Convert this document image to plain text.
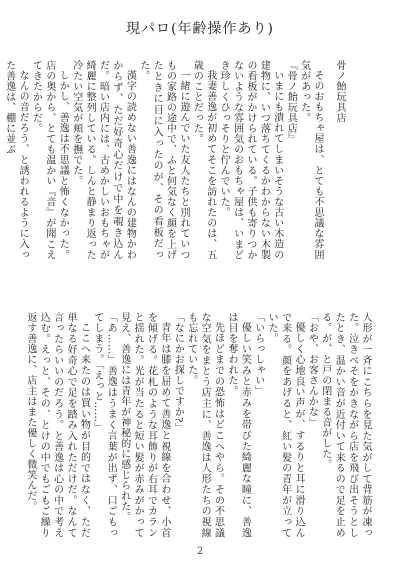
現パロ(年齢操作あり)
骨ノ飴玩具店

そのおもちゃ屋は、とても不思議な雰囲気があった。

『骨ノ飴玩具店』

いまにも潰れてしまいそうな古い木造の建物に、いつ落ちてくるかわからない木製の看板がかけられている。子供も寄りつかないような雰囲気のおもちゃ屋は、いまどき珍しくひっそりと佇んでいた。

我妻善逸が初めてそこを訪れたのは、五歳のことだった。

一緒に遊んでいた友人たちと別れていつもの家路の途中で、ふと何気なく顔を上げたときに目に入ったのが、その看板だった。

漢字の読めない善逸にはなんの建物かわからず、ただ好奇心だけで中を覗き込んだ。暗い店内には、古めかしいおもちゃが綺麗に整列している。しんと静まり返った冷たい空気が頬を撫でた。

しかし、善逸は不思議と怖くなかった。店の奥から、とても温かい『音』が聞こえてきたからだ。

なんの音だろう、と誘われるように入った善逸は、棚に並ぶ

人形が一斉にこちらを見た気がして背筋が凍った。泣きべそをかきながら店を飛び出そうとしたとき、温かい音が近付いて来るので足を止める。が、と戸の閉まる音がした。

「おや、お客さんかな」

優しく心地良い声が、するりと耳に滑り込んで来る。顔をあげると、紅い髪の青年が立っていた。

「いらっしゃい」

優しい笑みと赤みを帯びた綺麗な瞳に、善逸は目を奪われた。

先ほどまでの恐怖はどこへやら。その不思議な空気をまとう店主に、善逸は人形たちの視線も忘れていた。

「なにかお探しですか?」

青年は膝を屈めて善逸と視線を合わせ、小首を傾げる。花札のような耳飾りが右耳でカランと揺れた。光が当たると短い髪が赤みがかって見え、善逸には青年が神秘的に感じられた。

「あ……」善逸はうまく言葉が出ず、口ごもってしまう。「えっと……」

ここへ来たのは買い物が目的ではなく、ただ単なる好奇心で足を踏み入れただけだ。なんて言ったらいいのだろう。と善逸は心の中で考え込む。えっと、その、とけの中でもごもご繰り返す善逸に、店主はまた優しく微笑んだ。

2
